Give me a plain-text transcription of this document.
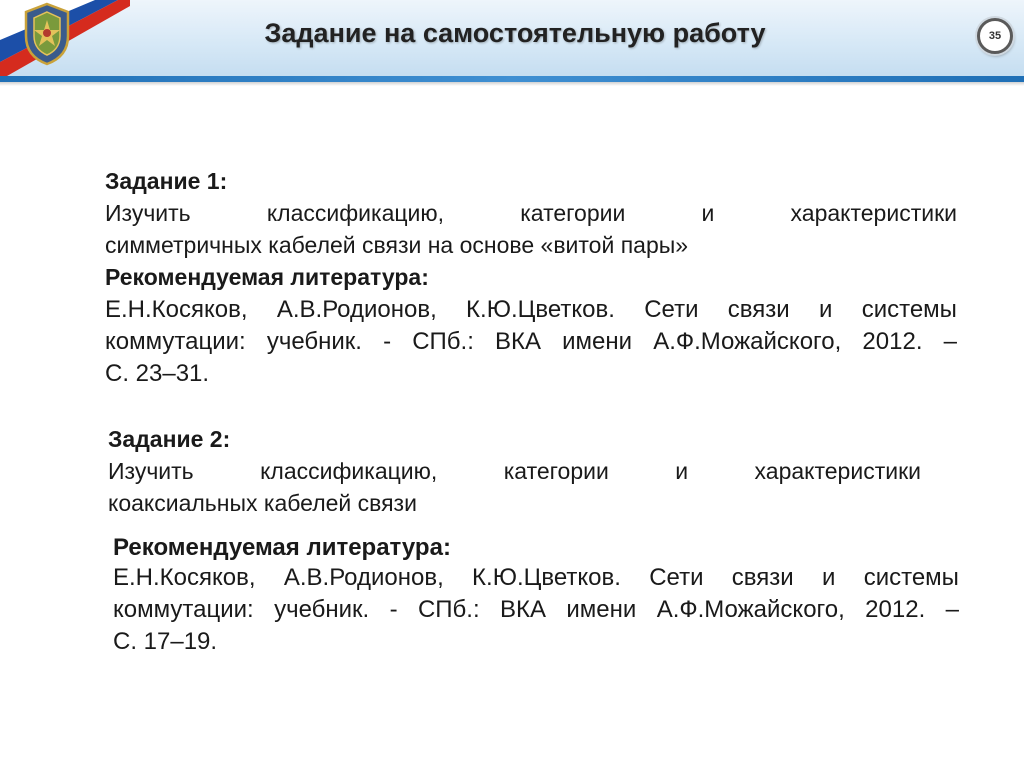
Задание на самостоятельную работу	35
Задание 1:
Изучить	классификацию,	категории	и	характеристики
симметричных кабелей связи на основе «витой пары»
Рекомендуемая литература:
Е.Н.Косяков, А.В.Родионов, К.Ю.Цветков. Сети связи и системы
коммутации: учебник. - СПб.: ВКА имени А.Ф.Можайского, 2012. –
С. 23–31.
Задание 2:
Изучить	классификацию,	категории	и	характеристики
коаксиальных кабелей связи
Рекомендуемая литература:
Е.Н.Косяков, А.В.Родионов, К.Ю.Цветков. Сети связи и системы
коммутации: учебник. - СПб.: ВКА имени А.Ф.Можайского, 2012. –
С. 17–19.
